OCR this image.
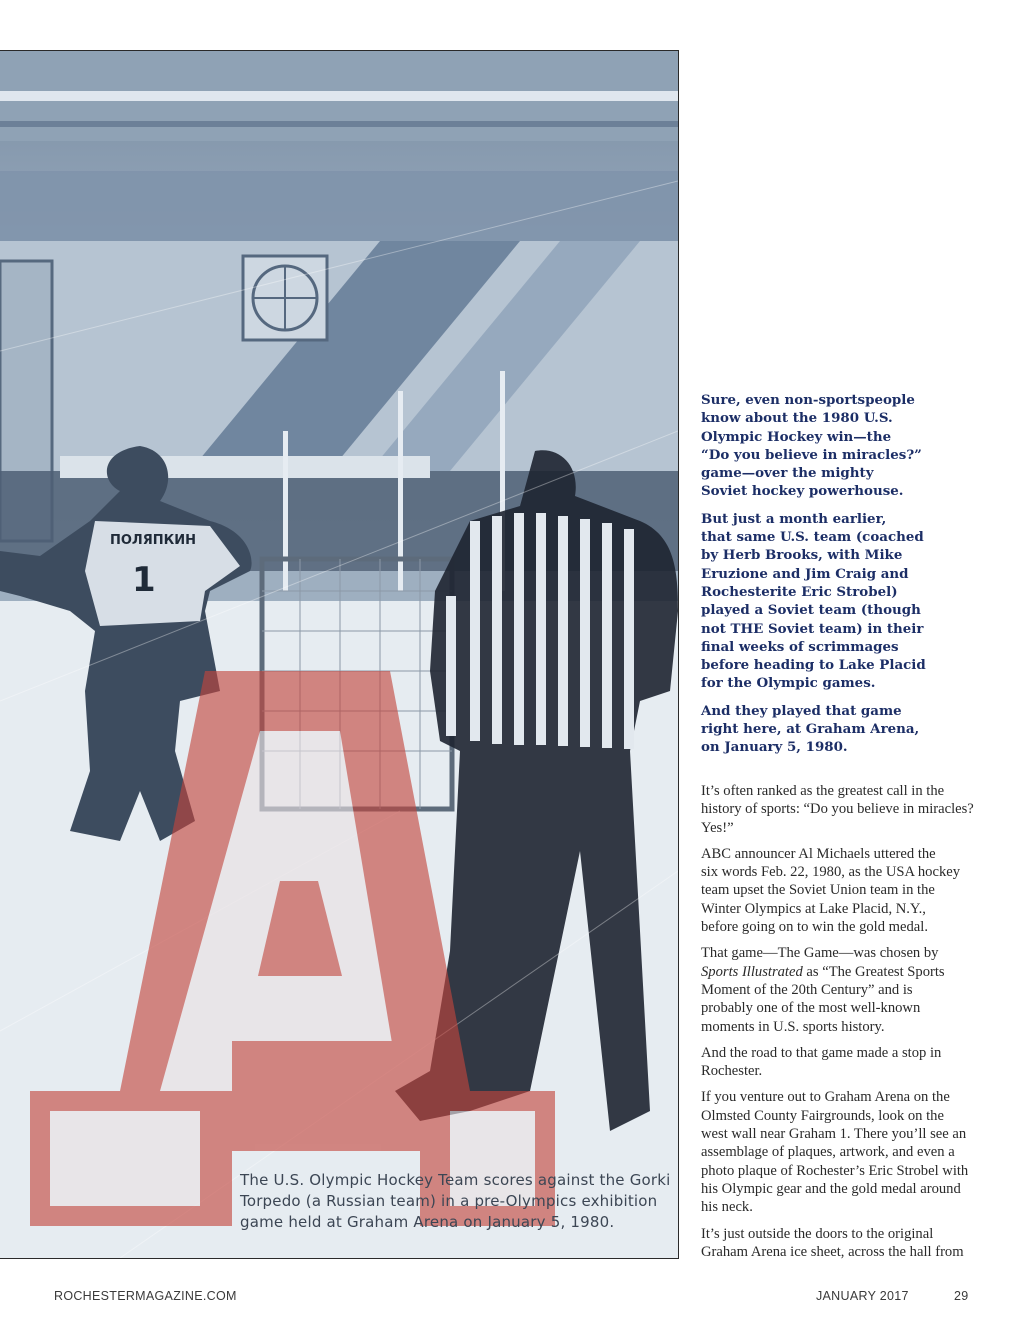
ПОЛЯПКИН
1
The U.S. Olympic Hockey Team scores against the Gorki
Torpedo (a Russian team) in a pre-Olympics exhibition
game held at Graham Arena on January 5, 1980.

Sure, even non-sportspeople
know about the 1980 U.S.
Olympic Hockey win—the
“Do you believe in miracles?”
game—over the mighty
Soviet hockey powerhouse.

But just a month earlier,
that same U.S. team (coached
by Herb Brooks, with Mike
Eruzione and Jim Craig and
Rochesterite Eric Strobel)
played a Soviet team (though
not THE Soviet team) in their
final weeks of scrimmages
before heading to Lake Placid
for the Olympic games.

And they played that game
right here, at Graham Arena,
on January 5, 1980.

It’s often ranked as the greatest call in the
history of sports: “Do you believe in miracles?
Yes!”

ABC announcer Al Michaels uttered the
six words Feb. 22, 1980, as the USA hockey
team upset the Soviet Union team in the
Winter Olympics at Lake Placid, N.Y.,
before going on to win the gold medal.

That game—The Game—was chosen by
Sports Illustrated as “The Greatest Sports
Moment of the 20th Century” and is
probably one of the most well-known
moments in U.S. sports history.

And the road to that game made a stop in
Rochester.

If you venture out to Graham Arena on the
Olmsted County Fairgrounds, look on the
west wall near Graham 1. There you’ll see an
assemblage of plaques, artwork, and even a
photo plaque of Rochester’s Eric Strobel with
his Olympic gear and the gold medal around
his neck.

It’s just outside the doors to the original
Graham Arena ice sheet, across the hall from

ROCHESTERMAGAZINE.COM	JANUARY 2017	29
